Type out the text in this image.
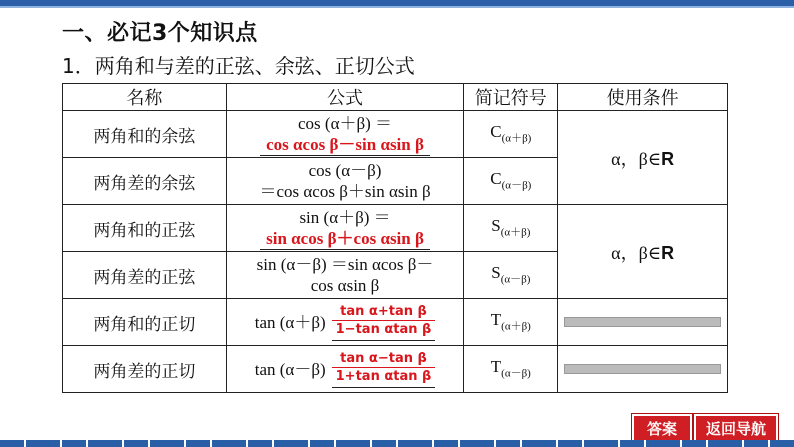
一、必记3个知识点
1．两角和与差的正弦、余弦、正切公式
名称	公式	简记符号	使用条件
两角和的余弦	cos (α＋β) ＝
cos αcos β－sin αsin β	$C_{(\alpha+\beta)}$	α，β∈R
两角差的余弦	cos (α－β)
＝cos αcos β＋sin αsin β	$C_{(\alpha-\beta)}$
两角和的正弦	sin (α＋β) ＝
sin αcos β＋cos αsin β	$S_{(\alpha+\beta)}$	α，β∈R
两角差的正弦	sin (α－β) ＝sin αcos β－
cos αsin β	$S_{(\alpha-\beta)}$
两角和的正切	$\tan (\alpha+\beta) \frac{\text{tan α+tan β}}{\text{1−tan αtan β}}$	$T_{(\alpha+\beta)}$	

两角差的正切	$\tan (\alpha-\beta) \frac{\text{tan α−tan β}}{\text{1+tan αtan β}}$	$T_{(\alpha-\beta)}$	
答案	返回导航
